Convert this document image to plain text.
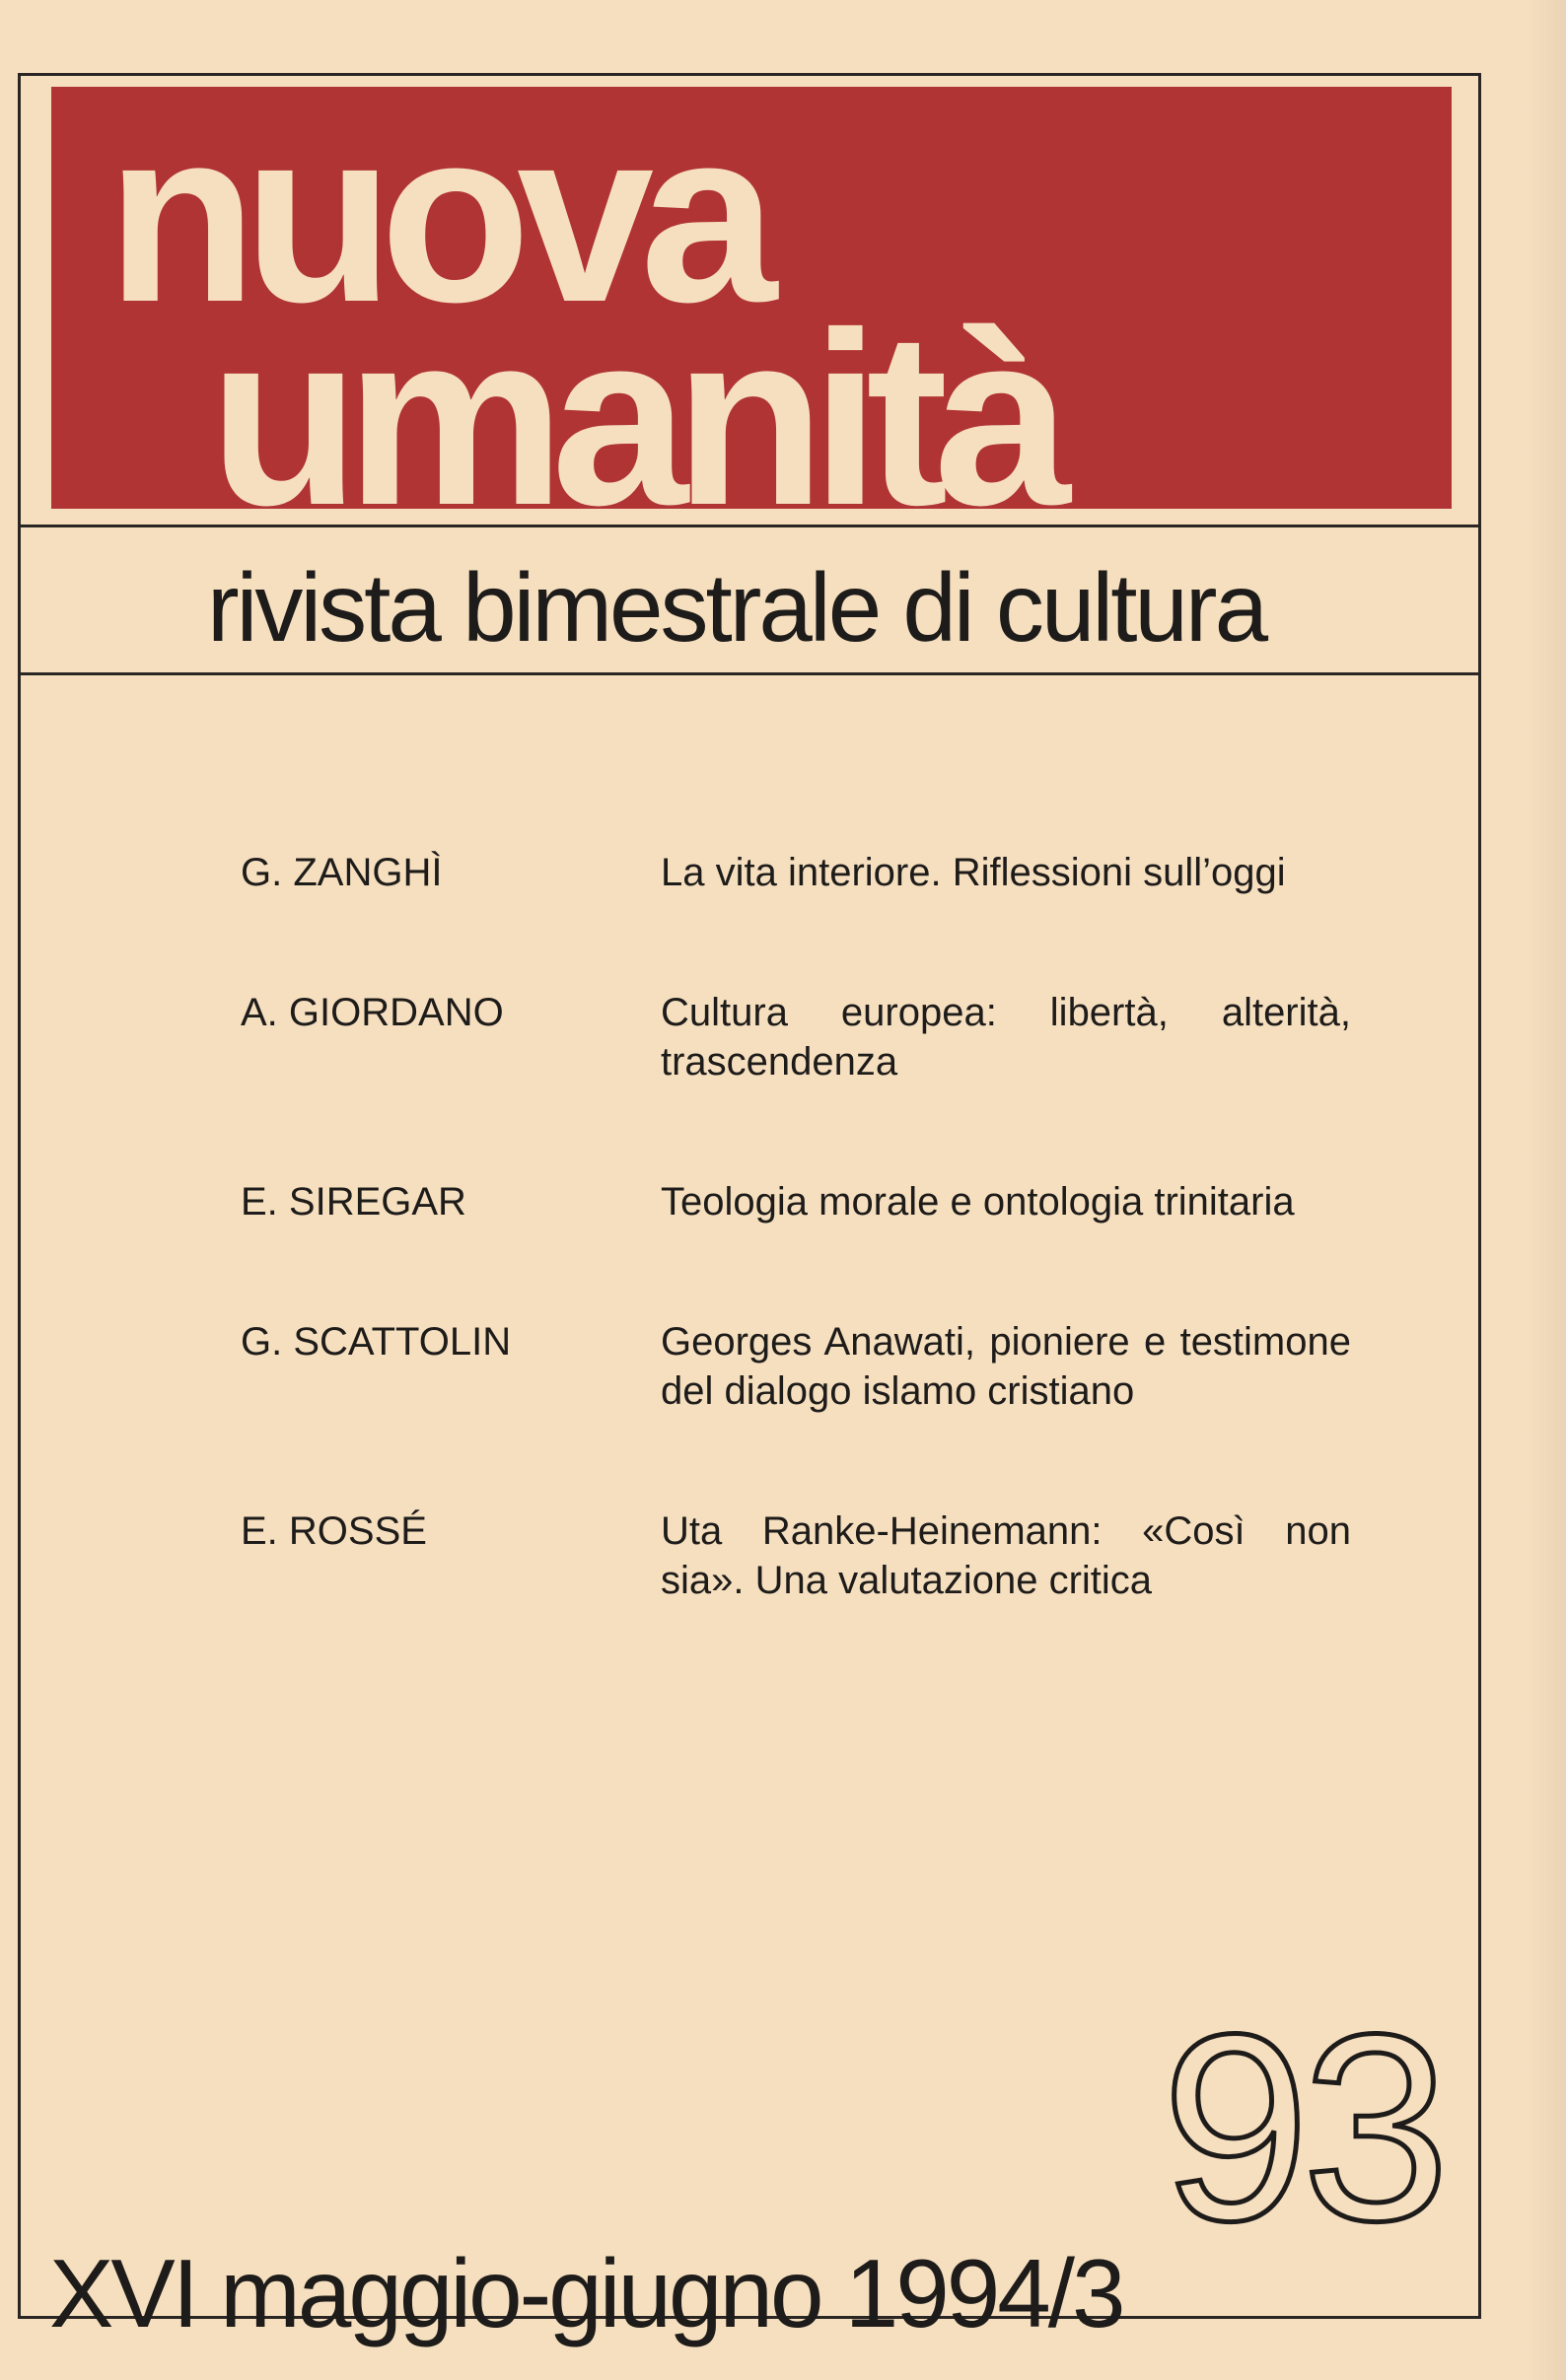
nuova
umanità
rivista bimestrale di cultura
G. ZANGHÌ	La vita interiore. Riflessioni sull’oggi
A. GIORDANO	Cultura europea: libertà, alterità, trascendenza
E. SIREGAR	Teologia morale e ontologia trinitaria
G. SCATTOLIN	Georges Anawati, pioniere e testimone del dialogo islamo cristiano
E. ROSSÉ	Uta Ranke-Heinemann: «Così non sia». Una valutazione critica
93
XVI maggio-giugno 1994/3
